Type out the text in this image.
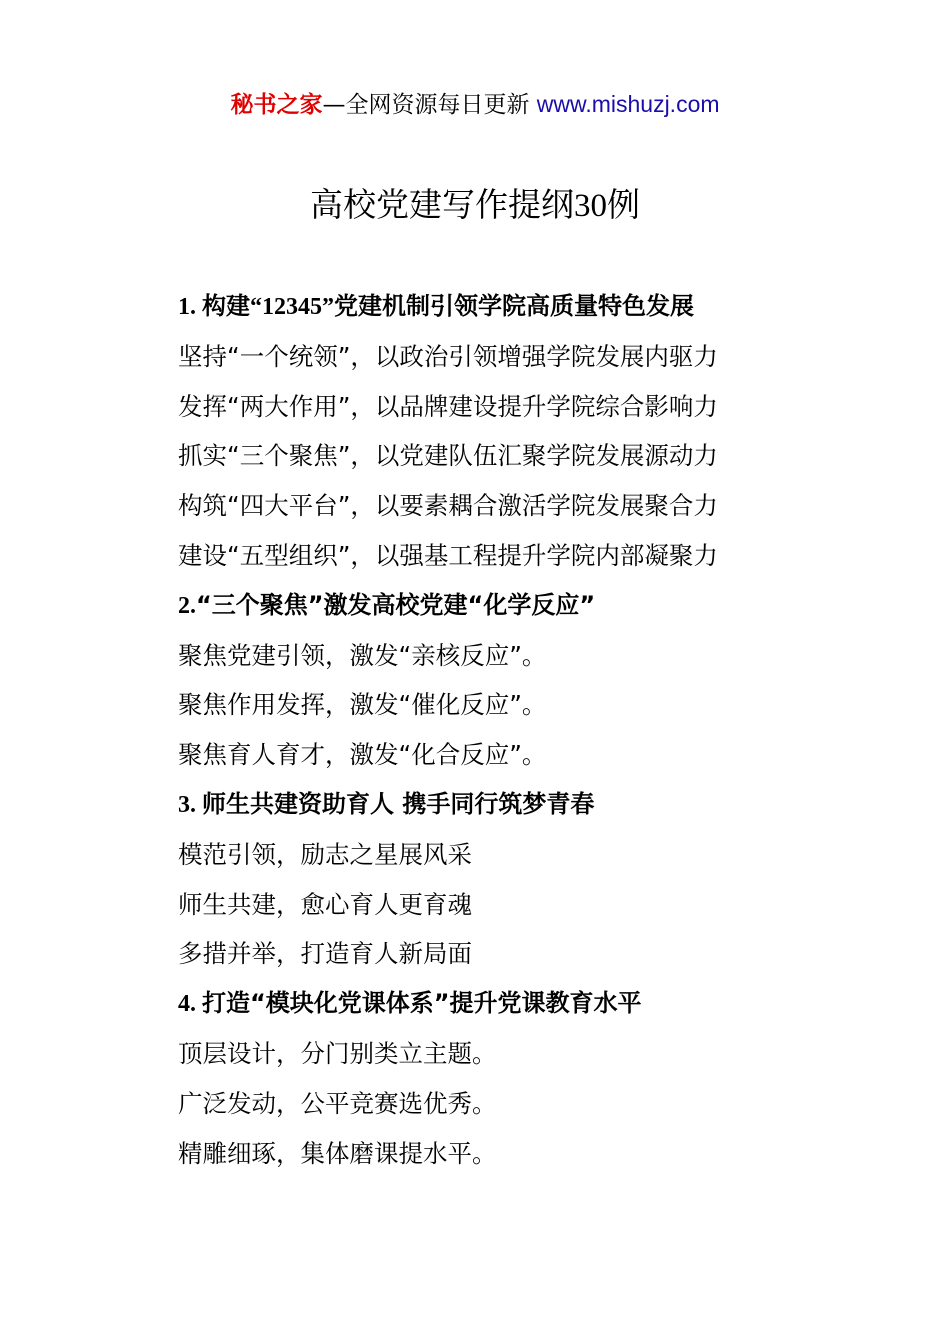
秘书之家—全网资源每日更新 www.mishuzj.com
高校党建写作提纲30例
1. 构建“12345”党建机制引领学院高质量特色发展
坚持“一个统领”，以政治引领增强学院发展内驱力
发挥“两大作用”，以品牌建设提升学院综合影响力
抓实“三个聚焦”，以党建队伍汇聚学院发展源动力
构筑“四大平台”，以要素耦合激活学院发展聚合力
建设“五型组织”，以强基工程提升学院内部凝聚力
2.“三个聚焦”激发高校党建“化学反应”
聚焦党建引领，激发“亲核反应”。
聚焦作用发挥，激发“催化反应”。
聚焦育人育才，激发“化合反应”。
3. 师生共建资助育人 携手同行筑梦青春
模范引领，励志之星展风采
师生共建，愈心育人更育魂
多措并举，打造育人新局面
4. 打造“模块化党课体系”提升党课教育水平
顶层设计，分门别类立主题。
广泛发动，公平竞赛选优秀。
精雕细琢，集体磨课提水平。
